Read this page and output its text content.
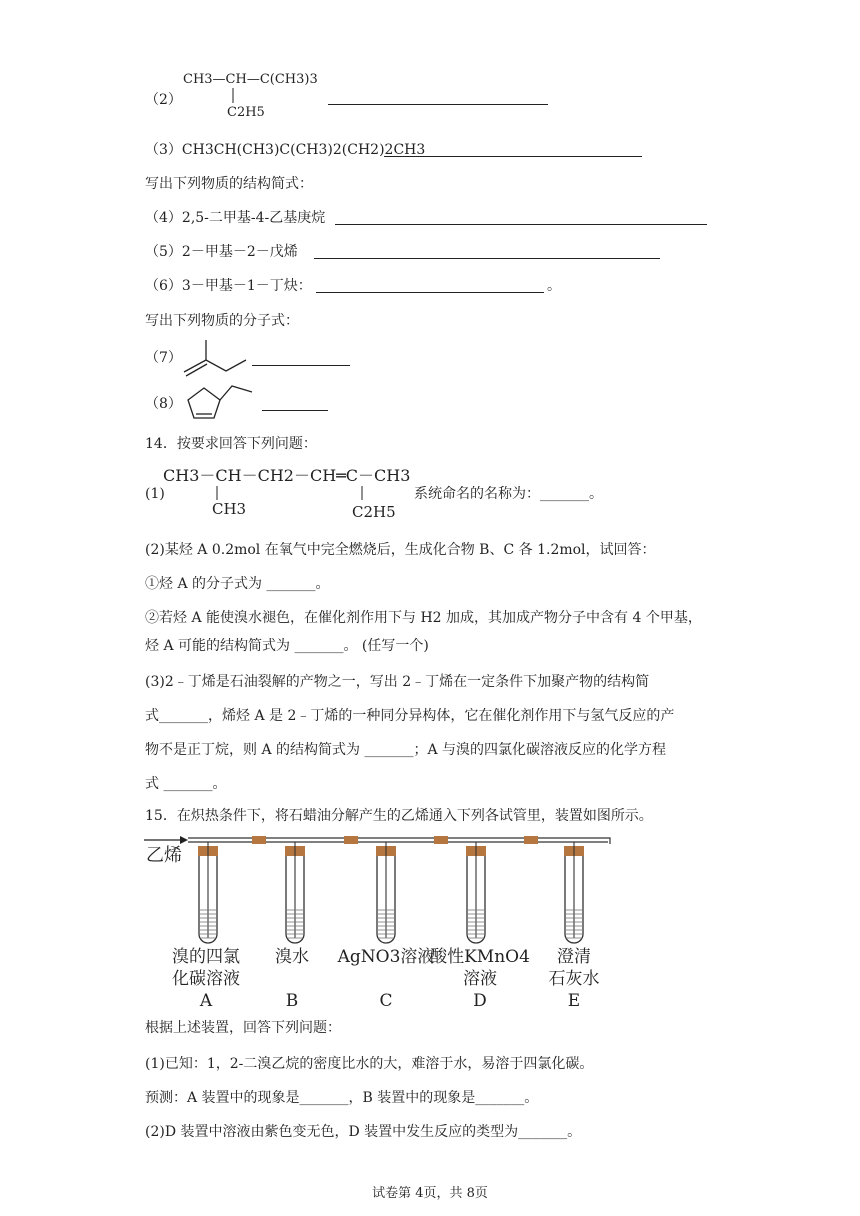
（2）
CH3—CH—C(CH3)3
C2H5
（3）CH3CH(CH3)C(CH3)2(CH2)2CH3
写出下列物质的结构简式：
（4）2,5-二甲基-4-乙基庚烷
（5）2－甲基－2－戊烯
（6）3－甲基－1－丁炔：	。
写出下列物质的分子式：
（7）
（8）
14．按要求回答下列问题：
(1)
CH3－CH－CH2－CH═C－CH3
CH3	C2H5
系统命名的名称为：_______。
(2)某烃 A 0.2mol 在氧气中完全燃烧后，生成化合物 B、C 各 1.2mol，试回答：
①烃 A 的分子式为 _______。
②若烃 A 能使溴水褪色，在催化剂作用下与 H2 加成，其加成产物分子中含有 4 个甲基，
烃 A 可能的结构简式为 _______。 (任写一个)
(3)2﹣丁烯是石油裂解的产物之一，写出 2﹣丁烯在一定条件下加聚产物的结构简
式_______，烯烃 A 是 2﹣丁烯的一种同分异构体，它在催化剂作用下与氢气反应的产
物不是正丁烷，则 A 的结构简式为 _______；A 与溴的四氯化碳溶液反应的化学方程
式 _______。
15．在炽热条件下，将石蜡油分解产生的乙烯通入下列各试管里，装置如图所示。
乙烯
溴的四氯
化碳溶液
A
溴水
B
AgNO3溶液
C
酸性KMnO4
溶液
D
澄清
石灰水
E
根据上述装置，回答下列问题：
(1)已知：1，2-二溴乙烷的密度比水的大，难溶于水，易溶于四氯化碳。
预测：A 装置中的现象是_______，B 装置中的现象是_______。
(2)D 装置中溶液由紫色变无色，D 装置中发生反应的类型为_______。
试卷第 4页，共 8页
